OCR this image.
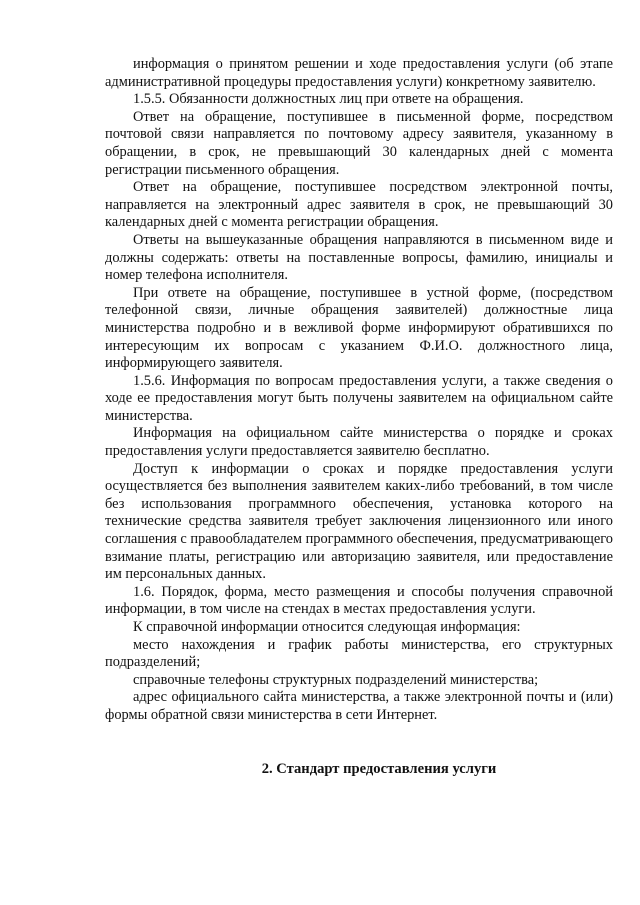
информация о принятом решении и ходе предоставления услуги (об этапе административной процедуры предоставления услуги) конкретному заявителю.

1.5.5. Обязанности должностных лиц при ответе на обращения.

Ответ на обращение, поступившее в письменной форме, посредством почтовой связи направляется по почтовому адресу заявителя, указанному в обращении, в срок, не превышающий 30 календарных дней с момента регистрации письменного обращения.

Ответ на обращение, поступившее посредством электронной почты, направляется на электронный адрес заявителя в срок, не превышающий 30 календарных дней с момента регистрации обращения.

Ответы на вышеуказанные обращения направляются в письменном виде и должны содержать: ответы на поставленные вопросы, фамилию, инициалы и номер телефона исполнителя.

При ответе на обращение, поступившее в устной форме, (посредством телефонной связи, личные обращения заявителей) должностные лица министерства подробно и в вежливой форме информируют обратившихся по интересующим их вопросам с указанием Ф.И.О. должностного лица, информирующего заявителя.

1.5.6. Информация по вопросам предоставления услуги, а также сведения о ходе ее предоставления могут быть получены заявителем на официальном сайте министерства.

Информация на официальном сайте министерства о порядке и сроках предоставления услуги предоставляется заявителю бесплатно.

Доступ к информации о сроках и порядке предоставления услуги осуществляется без выполнения заявителем каких-либо требований, в том числе без использования программного обеспечения, установка которого на технические средства заявителя требует заключения лицензионного или иного соглашения с правообладателем программного обеспечения, предусматривающего взимание платы, регистрацию или авторизацию заявителя, или предоставление им персональных данных.

1.6. Порядок, форма, место размещения и способы получения справочной информации, в том числе на стендах в местах предоставления услуги.

К справочной информации относится следующая информация:

место нахождения и график работы министерства, его структурных подразделений;

справочные телефоны структурных подразделений министерства;

адрес официального сайта министерства, а также электронной почты и (или) формы обратной связи министерства в сети Интернет.

2. Стандарт предоставления услуги
